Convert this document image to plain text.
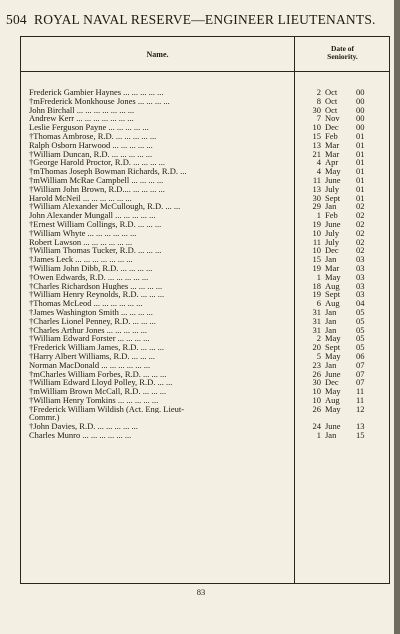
504 ROYAL NAVAL RESERVE—ENGINEER LIEUTENANTS.
Name.
Date of
Seniority.
Frederick Gambier Haynes ... ... ... ... ...	2 Oct	00
†mFrederick Monkhouse Jones ... ... ... ...	8 Oct	00
John Birchall ... ... ... ... ... ... ...	30 Oct	00
Andrew Kerr ... ... ... ... ... ... ...	7 Nov	00
Leslie Ferguson Payne ... ... ... ... ...	10 Dec	00
†Thomas Ambrose, R.D. ... ... ... ... ...	15 Feb	01
Ralph Osborn Harwood ... ... ... ... ...	13 Mar	01
†William Duncan, R.D. ... ... ... ... ...	21 Mar	01
†George Harold Proctor, R.D. ... ... ... ...	4 Apr	01
†mThomas Joseph Bowman Richards, R.D. ...	4 May	01
†mWilliam McRae Campbell ... ... ... ...	11 June	01
†William John Brown, R.D.... ... ... ... ...	13 July	01
Harold McNeil ... ... ... ... ... ...	30 Sept	01
†William Alexander McCullough, R.D. ... ...	29 Jan	02
John Alexander Mungall ... ... ... ... ...	1 Feb	02
†Ernest William Collings, R.D. ... ... ...	19 June	02
†William Whyte ... ... ... ... ... ...	10 July	02
Robert Lawson ... ... ... ... ... ...	11 July	02
†William Thomas Tucker, R.D. ... ... ...	10 Dec	02
†James Leck ... ... ... ... ... ... ...	15 Jan	03
†William John Dibb, R.D. ... ... ... ...	19 Mar	03
†Owen Edwards, R.D. ... ... ... ... ...	1 May	03
†Charles Richardson Hughes ... ... ... ...	18 Aug	03
†William Henry Reynolds, R.D. ... ... ...	19 Sept	03
†Thomas McLeod ... ... ... ... ... ...	6 Aug	04
†James Washington Smith ... ... ... ...	31 Jan	05
†Charles Lionel Penney, R.D. ... ... ...	31 Jan	05
†Charles Arthur Jones ... ... ... ... ...	31 Jan	05
†William Edward Forster ... ... ... ...	2 May	05
†Frederick William James, R.D. ... ... ...	20 Sept	05
†Harry Albert Williams, R.D. ... ... ...	5 May	06
Norman MacDonald ... ... ... ... ... ...	23 Jan	07
†mCharles William Forbes, R.D. ... ... ...	26 June	07
†William Edward Lloyd Polley, R.D. ... ...	30 Dec	07
†mWilliam Brown McCall, R.D. ... ... ...	10 May	11
†William Henry Tomkins ... ... ... ... ...	10 Aug	11
†Frederick William Wildish (Act. Eng. Lieut-	26 May	12
Commr.)
†John Davies, R.D. ... ... ... ... ...	24 June	13
Charles Munro ... ... ... ... ... ...	1 Jan	15
83
